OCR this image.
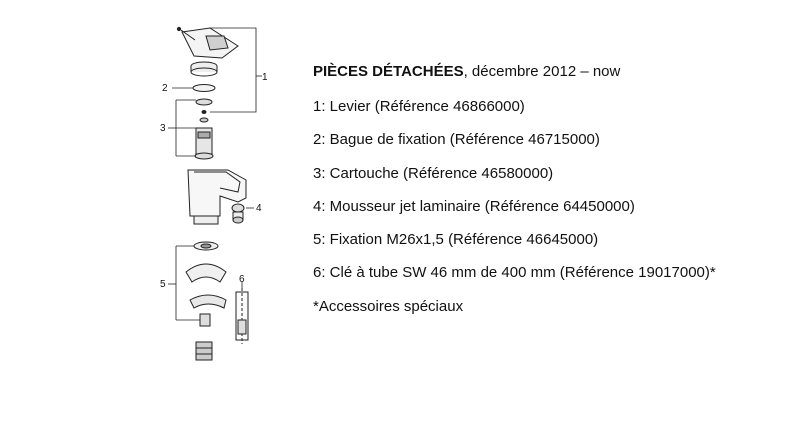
1
2
3
4
5	6
PIÈCES DÉTACHÉES, décembre 2012 – now
1: Levier (Référence 46866000)
2: Bague de fixation (Référence 46715000)
3: Cartouche (Référence 46580000)
4: Mousseur jet laminaire (Référence 64450000)
5: Fixation M26x1,5 (Référence 46645000)
6: Clé à tube SW 46 mm de 400 mm (Référence 19017000)*
*Accessoires spéciaux
